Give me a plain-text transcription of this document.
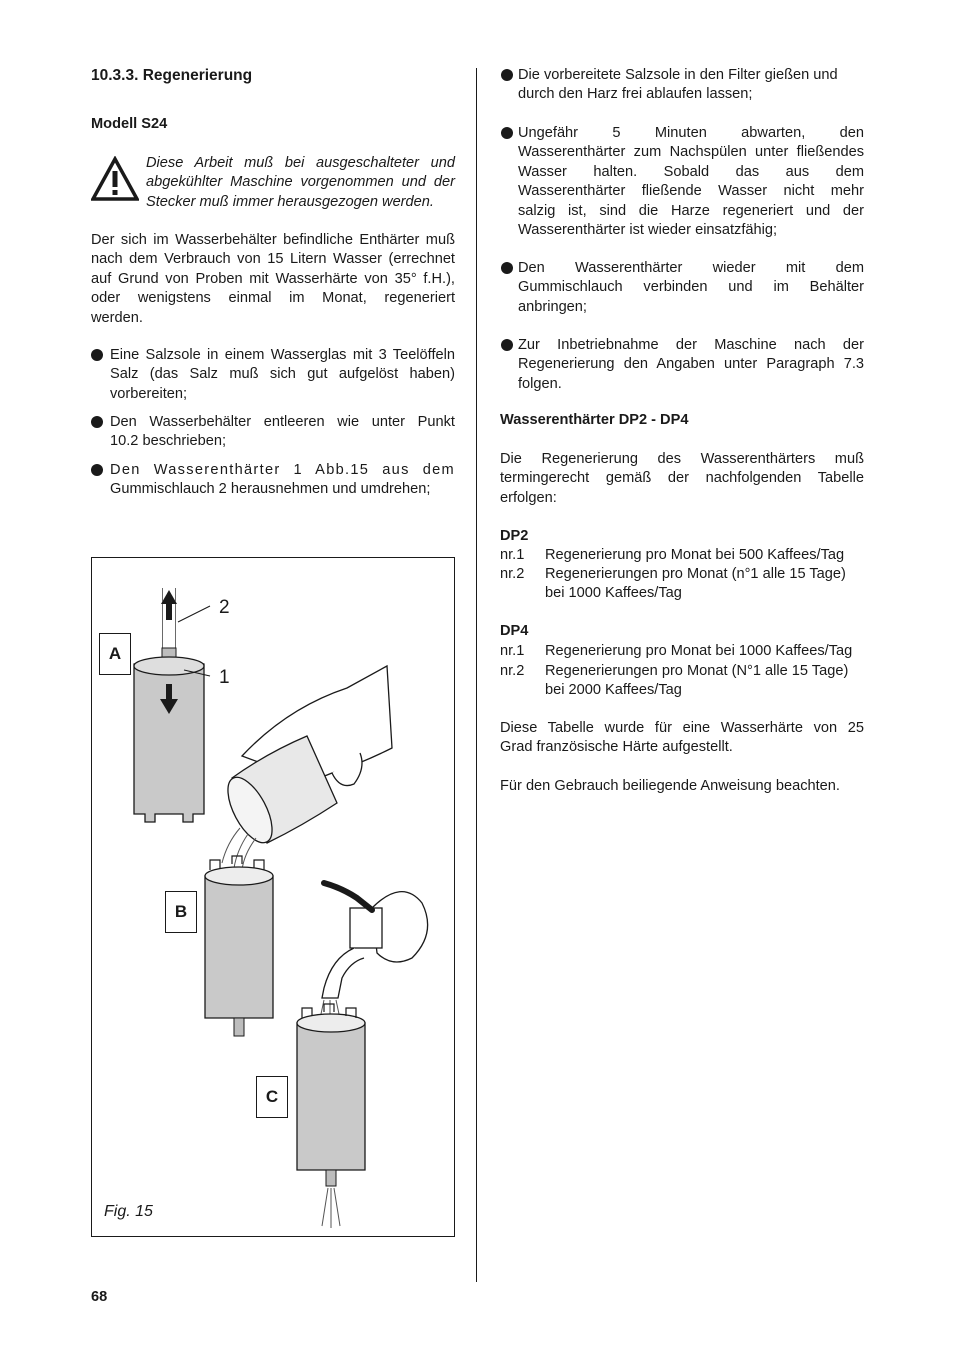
10.3.3. Regenerierung
Modell S24
Diese Arbeit muß bei ausgeschalteter und
abgekühlter Maschine vorgenommen und der
Stecker muß immer herausgezogen werden.
Der sich im Wasserbehälter befindliche Enthärter muß
nach dem Verbrauch von 15 Litern Wasser (errechnet
auf Grund von Proben mit Wasserhärte von 35° f.H.),
oder wenigstens einmal im Monat, regeneriert
werden.
Eine Salzsole in einem Wasserglas mit 3 Teelöffeln
Salz (das Salz muß sich gut aufgelöst haben)
vorbereiten;
Den Wasserbehälter entleeren wie unter Punkt
10.2 beschrieben;
Den Wasserenthärter 1 Abb.15 aus dem
Gummischlauch 2 herausnehmen und umdrehen;
2
1
A
B
C
Fig. 15
Die vorbereitete Salzsole in den Filter gießen und
durch den Harz frei ablaufen lassen;
Ungefähr 5 Minuten abwarten, den
Wasserenthärter zum Nachspülen unter fließendes
Wasser halten. Sobald das aus dem
Wasserenthärter fließende Wasser nicht mehr
salzig ist, sind die Harze regeneriert und der
Wasserenthärter ist wieder einsatzfähig;
Den Wasserenthärter wieder mit dem
Gummischlauch verbinden und im Behälter
anbringen;
Zur Inbetriebnahme der Maschine nach der
Regenerierung den Angaben unter Paragraph 7.3
folgen.
Wasserenthärter DP2 - DP4
Die Regenerierung des Wasserenthärters muß
termingerecht gemäß der nachfolgenden Tabelle
erfolgen:
DP2
nr.1 Regenerierung pro Monat bei 500 Kaffees/Tag
nr.2 Regenerierungen pro Monat (n°1 alle 15 Tage)
bei 1000 Kaffees/Tag
DP4
nr.1 Regenerierung pro Monat bei 1000 Kaffees/Tag
nr.2 Regenerierungen pro Monat (N°1 alle 15 Tage)
bei 2000 Kaffees/Tag
Diese Tabelle wurde für eine Wasserhärte von 25
Grad französische Härte aufgestellt.
Für den Gebrauch beiliegende Anweisung beachten.
68
